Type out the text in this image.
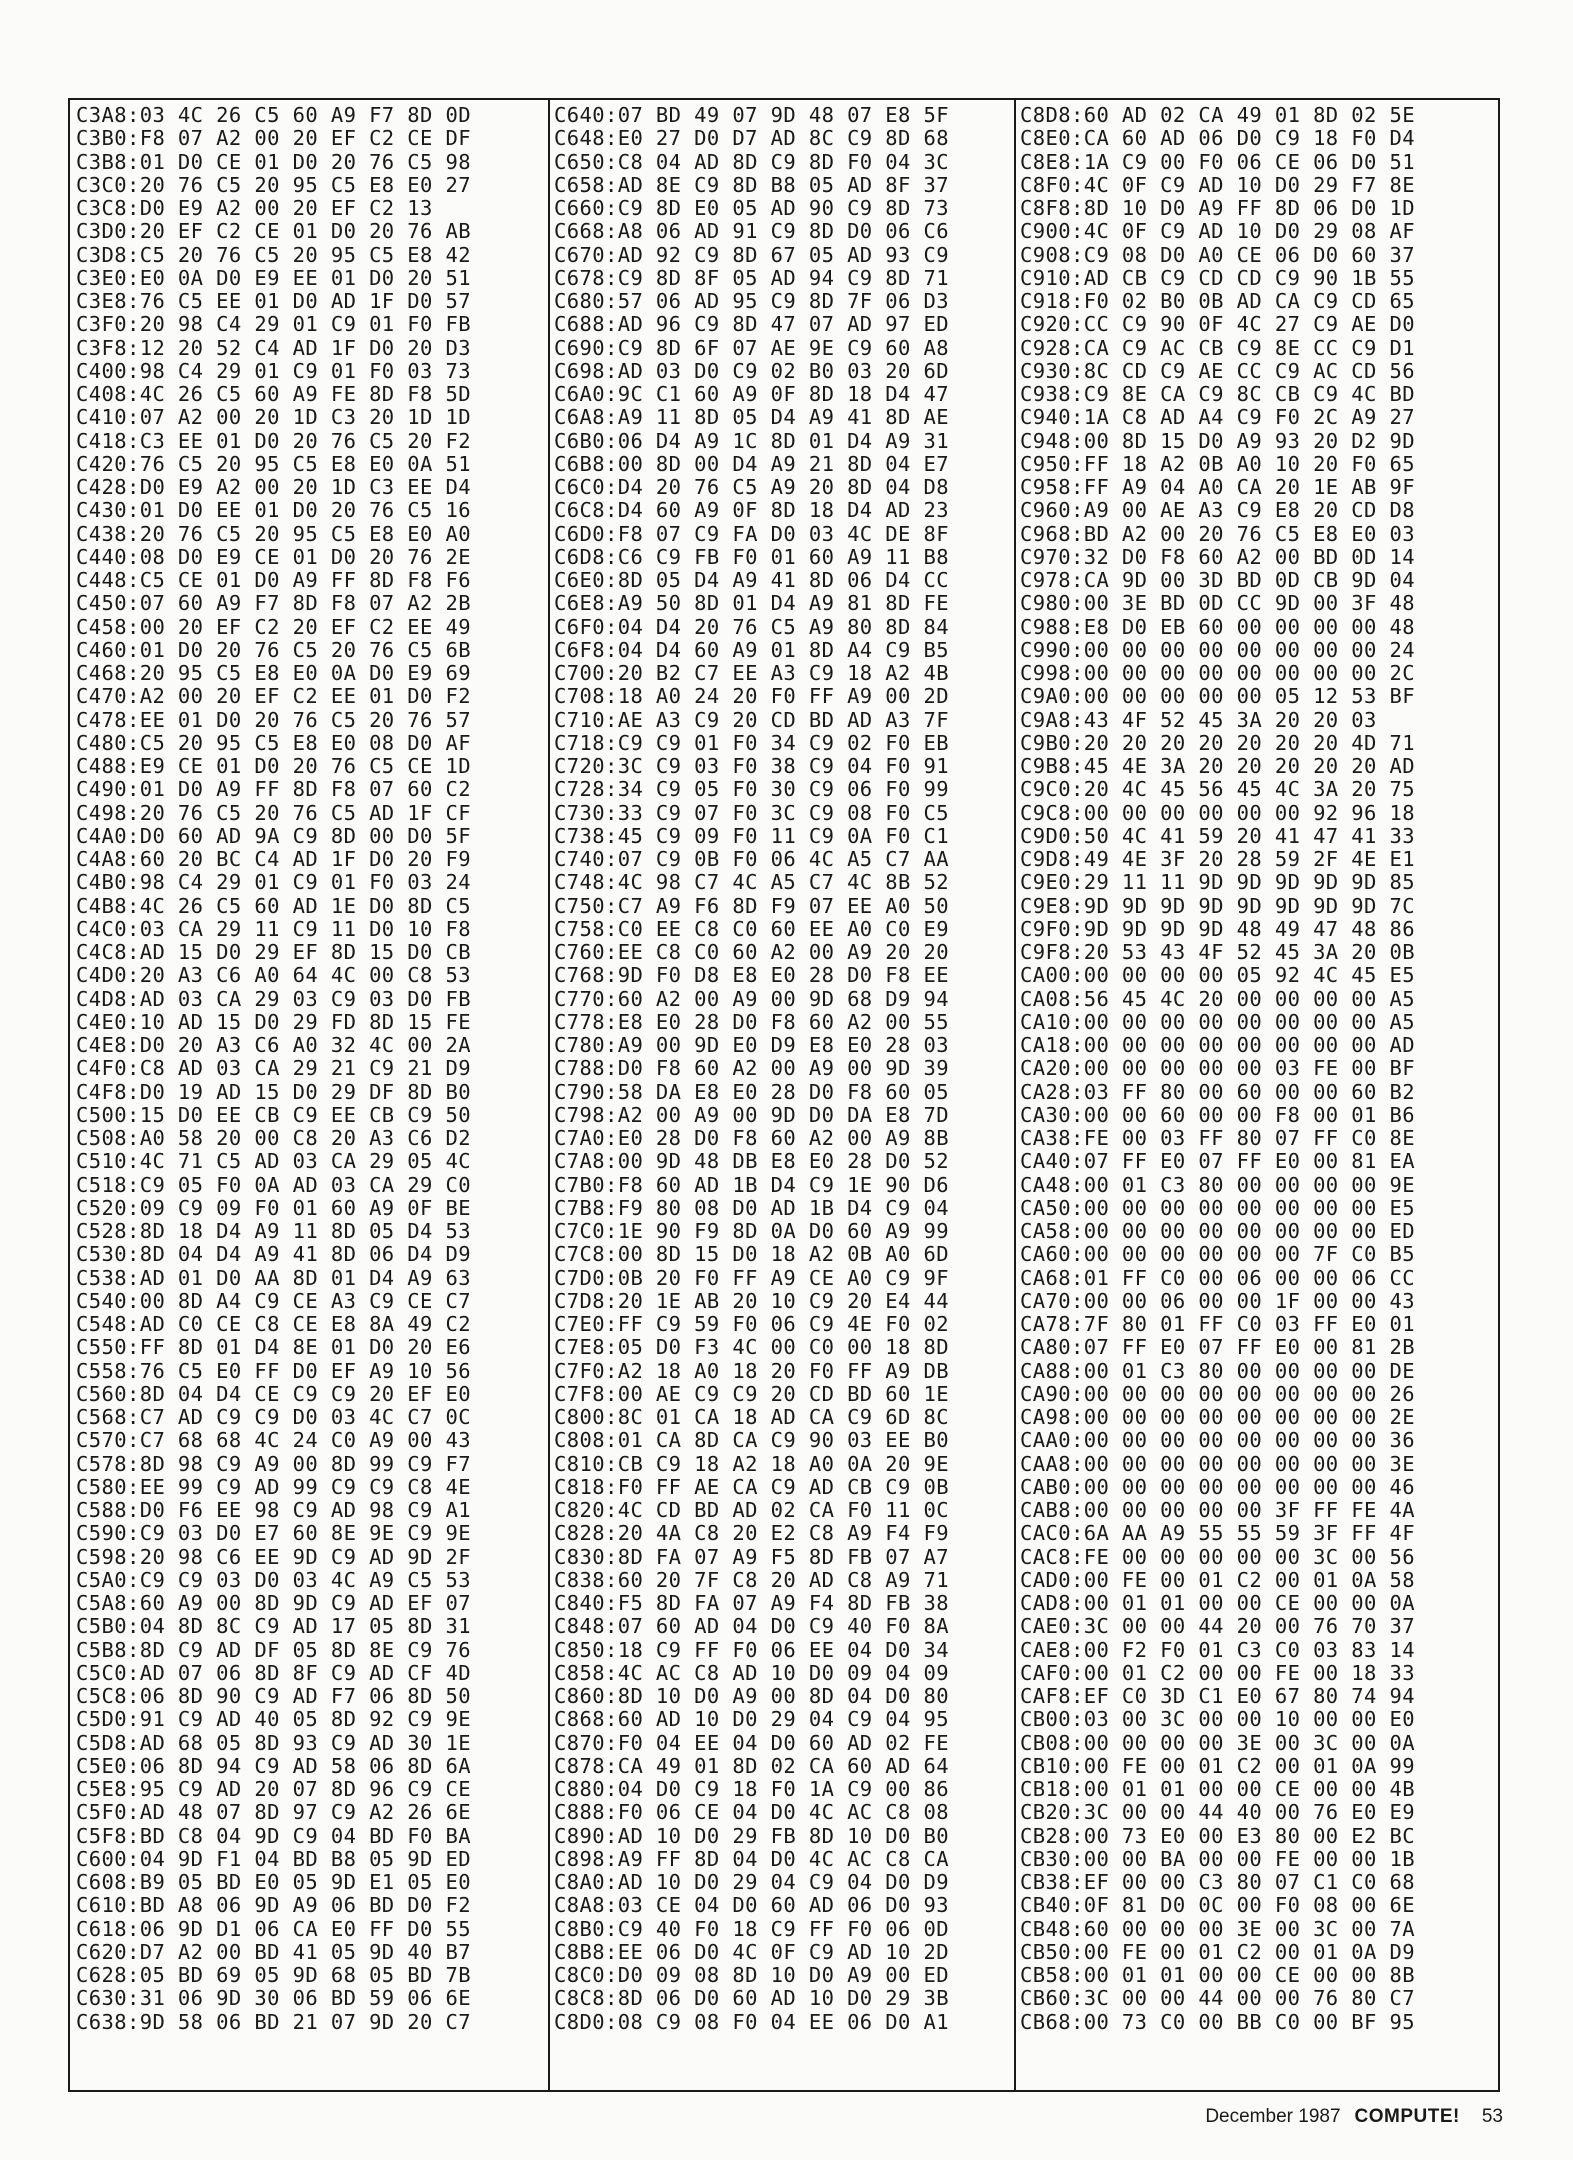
C3A8:03 4C 26 C5 60 A9 F7 8D 0D
C3B0:F8 07 A2 00 20 EF C2 CE DF
C3B8:01 D0 CE 01 D0 20 76 C5 98
C3C0:20 76 C5 20 95 C5 E8 E0 27
C3C8:D0 E9 A2 00 20 EF C2 13
C3D0:20 EF C2 CE 01 D0 20 76 AB
C3D8:C5 20 76 C5 20 95 C5 E8 42
C3E0:E0 0A D0 E9 EE 01 D0 20 51
C3E8:76 C5 EE 01 D0 AD 1F D0 57
C3F0:20 98 C4 29 01 C9 01 F0 FB
C3F8:12 20 52 C4 AD 1F D0 20 D3
C400:98 C4 29 01 C9 01 F0 03 73
C408:4C 26 C5 60 A9 FE 8D F8 5D
C410:07 A2 00 20 1D C3 20 1D 1D
C418:C3 EE 01 D0 20 76 C5 20 F2
C420:76 C5 20 95 C5 E8 E0 0A 51
C428:D0 E9 A2 00 20 1D C3 EE D4
C430:01 D0 EE 01 D0 20 76 C5 16
C438:20 76 C5 20 95 C5 E8 E0 A0
C440:08 D0 E9 CE 01 D0 20 76 2E
C448:C5 CE 01 D0 A9 FF 8D F8 F6
C450:07 60 A9 F7 8D F8 07 A2 2B
C458:00 20 EF C2 20 EF C2 EE 49
C460:01 D0 20 76 C5 20 76 C5 6B
C468:20 95 C5 E8 E0 0A D0 E9 69
C470:A2 00 20 EF C2 EE 01 D0 F2
C478:EE 01 D0 20 76 C5 20 76 57
C480:C5 20 95 C5 E8 E0 08 D0 AF
C488:E9 CE 01 D0 20 76 C5 CE 1D
C490:01 D0 A9 FF 8D F8 07 60 C2
C498:20 76 C5 20 76 C5 AD 1F CF
C4A0:D0 60 AD 9A C9 8D 00 D0 5F
C4A8:60 20 BC C4 AD 1F D0 20 F9
C4B0:98 C4 29 01 C9 01 F0 03 24
C4B8:4C 26 C5 60 AD 1E D0 8D C5
C4C0:03 CA 29 11 C9 11 D0 10 F8
C4C8:AD 15 D0 29 EF 8D 15 D0 CB
C4D0:20 A3 C6 A0 64 4C 00 C8 53
C4D8:AD 03 CA 29 03 C9 03 D0 FB
C4E0:10 AD 15 D0 29 FD 8D 15 FE
C4E8:D0 20 A3 C6 A0 32 4C 00 2A
C4F0:C8 AD 03 CA 29 21 C9 21 D9
C4F8:D0 19 AD 15 D0 29 DF 8D B0
C500:15 D0 EE CB C9 EE CB C9 50
C508:A0 58 20 00 C8 20 A3 C6 D2
C510:4C 71 C5 AD 03 CA 29 05 4C
C518:C9 05 F0 0A AD 03 CA 29 C0
C520:09 C9 09 F0 01 60 A9 0F BE
C528:8D 18 D4 A9 11 8D 05 D4 53
C530:8D 04 D4 A9 41 8D 06 D4 D9
C538:AD 01 D0 AA 8D 01 D4 A9 63
C540:00 8D A4 C9 CE A3 C9 CE C7
C548:AD C0 CE C8 CE E8 8A 49 C2
C550:FF 8D 01 D4 8E 01 D0 20 E6
C558:76 C5 E0 FF D0 EF A9 10 56
C560:8D 04 D4 CE C9 C9 20 EF E0
C568:C7 AD C9 C9 D0 03 4C C7 0C
C570:C7 68 68 4C 24 C0 A9 00 43
C578:8D 98 C9 A9 00 8D 99 C9 F7
C580:EE 99 C9 AD 99 C9 C9 C8 4E
C588:D0 F6 EE 98 C9 AD 98 C9 A1
C590:C9 03 D0 E7 60 8E 9E C9 9E
C598:20 98 C6 EE 9D C9 AD 9D 2F
C5A0:C9 C9 03 D0 03 4C A9 C5 53
C5A8:60 A9 00 8D 9D C9 AD EF 07
C5B0:04 8D 8C C9 AD 17 05 8D 31
C5B8:8D C9 AD DF 05 8D 8E C9 76
C5C0:AD 07 06 8D 8F C9 AD CF 4D
C5C8:06 8D 90 C9 AD F7 06 8D 50
C5D0:91 C9 AD 40 05 8D 92 C9 9E
C5D8:AD 68 05 8D 93 C9 AD 30 1E
C5E0:06 8D 94 C9 AD 58 06 8D 6A
C5E8:95 C9 AD 20 07 8D 96 C9 CE
C5F0:AD 48 07 8D 97 C9 A2 26 6E
C5F8:BD C8 04 9D C9 04 BD F0 BA
C600:04 9D F1 04 BD B8 05 9D ED
C608:B9 05 BD E0 05 9D E1 05 E0
C610:BD A8 06 9D A9 06 BD D0 F2
C618:06 9D D1 06 CA E0 FF D0 55
C620:D7 A2 00 BD 41 05 9D 40 B7
C628:05 BD 69 05 9D 68 05 BD 7B
C630:31 06 9D 30 06 BD 59 06 6E
C638:9D 58 06 BD 21 07 9D 20 C7
C640:07 BD 49 07 9D 48 07 E8 5F
C648:E0 27 D0 D7 AD 8C C9 8D 68
C650:C8 04 AD 8D C9 8D F0 04 3C
C658:AD 8E C9 8D B8 05 AD 8F 37
C660:C9 8D E0 05 AD 90 C9 8D 73
C668:A8 06 AD 91 C9 8D D0 06 C6
C670:AD 92 C9 8D 67 05 AD 93 C9
C678:C9 8D 8F 05 AD 94 C9 8D 71
C680:57 06 AD 95 C9 8D 7F 06 D3
C688:AD 96 C9 8D 47 07 AD 97 ED
C690:C9 8D 6F 07 AE 9E C9 60 A8
C698:AD 03 D0 C9 02 B0 03 20 6D
C6A0:9C C1 60 A9 0F 8D 18 D4 47
C6A8:A9 11 8D 05 D4 A9 41 8D AE
C6B0:06 D4 A9 1C 8D 01 D4 A9 31
C6B8:00 8D 00 D4 A9 21 8D 04 E7
C6C0:D4 20 76 C5 A9 20 8D 04 D8
C6C8:D4 60 A9 0F 8D 18 D4 AD 23
C6D0:F8 07 C9 FA D0 03 4C DE 8F
C6D8:C6 C9 FB F0 01 60 A9 11 B8
C6E0:8D 05 D4 A9 41 8D 06 D4 CC
C6E8:A9 50 8D 01 D4 A9 81 8D FE
C6F0:04 D4 20 76 C5 A9 80 8D 84
C6F8:04 D4 60 A9 01 8D A4 C9 B5
C700:20 B2 C7 EE A3 C9 18 A2 4B
C708:18 A0 24 20 F0 FF A9 00 2D
C710:AE A3 C9 20 CD BD AD A3 7F
C718:C9 C9 01 F0 34 C9 02 F0 EB
C720:3C C9 03 F0 38 C9 04 F0 91
C728:34 C9 05 F0 30 C9 06 F0 99
C730:33 C9 07 F0 3C C9 08 F0 C5
C738:45 C9 09 F0 11 C9 0A F0 C1
C740:07 C9 0B F0 06 4C A5 C7 AA
C748:4C 98 C7 4C A5 C7 4C 8B 52
C750:C7 A9 F6 8D F9 07 EE A0 50
C758:C0 EE C8 C0 60 EE A0 C0 E9
C760:EE C8 C0 60 A2 00 A9 20 20
C768:9D F0 D8 E8 E0 28 D0 F8 EE
C770:60 A2 00 A9 00 9D 68 D9 94
C778:E8 E0 28 D0 F8 60 A2 00 55
C780:A9 00 9D E0 D9 E8 E0 28 03
C788:D0 F8 60 A2 00 A9 00 9D 39
C790:58 DA E8 E0 28 D0 F8 60 05
C798:A2 00 A9 00 9D D0 DA E8 7D
C7A0:E0 28 D0 F8 60 A2 00 A9 8B
C7A8:00 9D 48 DB E8 E0 28 D0 52
C7B0:F8 60 AD 1B D4 C9 1E 90 D6
C7B8:F9 80 08 D0 AD 1B D4 C9 04
C7C0:1E 90 F9 8D 0A D0 60 A9 99
C7C8:00 8D 15 D0 18 A2 0B A0 6D
C7D0:0B 20 F0 FF A9 CE A0 C9 9F
C7D8:20 1E AB 20 10 C9 20 E4 44
C7E0:FF C9 59 F0 06 C9 4E F0 02
C7E8:05 D0 F3 4C 00 C0 00 18 8D
C7F0:A2 18 A0 18 20 F0 FF A9 DB
C7F8:00 AE C9 C9 20 CD BD 60 1E
C800:8C 01 CA 18 AD CA C9 6D 8C
C808:01 CA 8D CA C9 90 03 EE B0
C810:CB C9 18 A2 18 A0 0A 20 9E
C818:F0 FF AE CA C9 AD CB C9 0B
C820:4C CD BD AD 02 CA F0 11 0C
C828:20 4A C8 20 E2 C8 A9 F4 F9
C830:8D FA 07 A9 F5 8D FB 07 A7
C838:60 20 7F C8 20 AD C8 A9 71
C840:F5 8D FA 07 A9 F4 8D FB 38
C848:07 60 AD 04 D0 C9 40 F0 8A
C850:18 C9 FF F0 06 EE 04 D0 34
C858:4C AC C8 AD 10 D0 09 04 09
C860:8D 10 D0 A9 00 8D 04 D0 80
C868:60 AD 10 D0 29 04 C9 04 95
C870:F0 04 EE 04 D0 60 AD 02 FE
C878:CA 49 01 8D 02 CA 60 AD 64
C880:04 D0 C9 18 F0 1A C9 00 86
C888:F0 06 CE 04 D0 4C AC C8 08
C890:AD 10 D0 29 FB 8D 10 D0 B0
C898:A9 FF 8D 04 D0 4C AC C8 CA
C8A0:AD 10 D0 29 04 C9 04 D0 D9
C8A8:03 CE 04 D0 60 AD 06 D0 93
C8B0:C9 40 F0 18 C9 FF F0 06 0D
C8B8:EE 06 D0 4C 0F C9 AD 10 2D
C8C0:D0 09 08 8D 10 D0 A9 00 ED
C8C8:8D 06 D0 60 AD 10 D0 29 3B
C8D0:08 C9 08 F0 04 EE 06 D0 A1
C8D8:60 AD 02 CA 49 01 8D 02 5E
C8E0:CA 60 AD 06 D0 C9 18 F0 D4
C8E8:1A C9 00 F0 06 CE 06 D0 51
C8F0:4C 0F C9 AD 10 D0 29 F7 8E
C8F8:8D 10 D0 A9 FF 8D 06 D0 1D
C900:4C 0F C9 AD 10 D0 29 08 AF
C908:C9 08 D0 A0 CE 06 D0 60 37
C910:AD CB C9 CD CD C9 90 1B 55
C918:F0 02 B0 0B AD CA C9 CD 65
C920:CC C9 90 0F 4C 27 C9 AE D0
C928:CA C9 AC CB C9 8E CC C9 D1
C930:8C CD C9 AE CC C9 AC CD 56
C938:C9 8E CA C9 8C CB C9 4C BD
C940:1A C8 AD A4 C9 F0 2C A9 27
C948:00 8D 15 D0 A9 93 20 D2 9D
C950:FF 18 A2 0B A0 10 20 F0 65
C958:FF A9 04 A0 CA 20 1E AB 9F
C960:A9 00 AE A3 C9 E8 20 CD D8
C968:BD A2 00 20 76 C5 E8 E0 03
C970:32 D0 F8 60 A2 00 BD 0D 14
C978:CA 9D 00 3D BD 0D CB 9D 04
C980:00 3E BD 0D CC 9D 00 3F 48
C988:E8 D0 EB 60 00 00 00 00 48
C990:00 00 00 00 00 00 00 00 24
C998:00 00 00 00 00 00 00 00 2C
C9A0:00 00 00 00 00 05 12 53 BF
C9A8:43 4F 52 45 3A 20 20 03
C9B0:20 20 20 20 20 20 20 4D 71
C9B8:45 4E 3A 20 20 20 20 20 AD
C9C0:20 4C 45 56 45 4C 3A 20 75
C9C8:00 00 00 00 00 00 92 96 18
C9D0:50 4C 41 59 20 41 47 41 33
C9D8:49 4E 3F 20 28 59 2F 4E E1
C9E0:29 11 11 9D 9D 9D 9D 9D 85
C9E8:9D 9D 9D 9D 9D 9D 9D 9D 7C
C9F0:9D 9D 9D 9D 48 49 47 48 86
C9F8:20 53 43 4F 52 45 3A 20 0B
CA00:00 00 00 00 05 92 4C 45 E5
CA08:56 45 4C 20 00 00 00 00 A5
CA10:00 00 00 00 00 00 00 00 A5
CA18:00 00 00 00 00 00 00 00 AD
CA20:00 00 00 00 00 03 FE 00 BF
CA28:03 FF 80 00 60 00 00 60 B2
CA30:00 00 60 00 00 F8 00 01 B6
CA38:FE 00 03 FF 80 07 FF C0 8E
CA40:07 FF E0 07 FF E0 00 81 EA
CA48:00 01 C3 80 00 00 00 00 9E
CA50:00 00 00 00 00 00 00 00 E5
CA58:00 00 00 00 00 00 00 00 ED
CA60:00 00 00 00 00 00 7F C0 B5
CA68:01 FF C0 00 06 00 00 06 CC
CA70:00 00 06 00 00 1F 00 00 43
CA78:7F 80 01 FF C0 03 FF E0 01
CA80:07 FF E0 07 FF E0 00 81 2B
CA88:00 01 C3 80 00 00 00 00 DE
CA90:00 00 00 00 00 00 00 00 26
CA98:00 00 00 00 00 00 00 00 2E
CAA0:00 00 00 00 00 00 00 00 36
CAA8:00 00 00 00 00 00 00 00 3E
CAB0:00 00 00 00 00 00 00 00 46
CAB8:00 00 00 00 00 3F FF FE 4A
CAC0:6A AA A9 55 55 59 3F FF 4F
CAC8:FE 00 00 00 00 00 3C 00 56
CAD0:00 FE 00 01 C2 00 01 0A 58
CAD8:00 01 01 00 00 CE 00 00 0A
CAE0:3C 00 00 44 20 00 76 70 37
CAE8:00 F2 F0 01 C3 C0 03 83 14
CAF0:00 01 C2 00 00 FE 00 18 33
CAF8:EF C0 3D C1 E0 67 80 74 94
CB00:03 00 3C 00 00 10 00 00 E0
CB08:00 00 00 00 3E 00 3C 00 0A
CB10:00 FE 00 01 C2 00 01 0A 99
CB18:00 01 01 00 00 CE 00 00 4B
CB20:3C 00 00 44 40 00 76 E0 E9
CB28:00 73 E0 00 E3 80 00 E2 BC
CB30:00 00 BA 00 00 FE 00 00 1B
CB38:EF 00 00 C3 80 07 C1 C0 68
CB40:0F 81 D0 0C 00 F0 08 00 6E
CB48:60 00 00 00 3E 00 3C 00 7A
CB50:00 FE 00 01 C2 00 01 0A D9
CB58:00 01 01 00 00 CE 00 00 8B
CB60:3C 00 00 44 00 00 76 80 C7
CB68:00 73 C0 00 BB C0 00 BF 95
December 1987 COMPUTE! 53
